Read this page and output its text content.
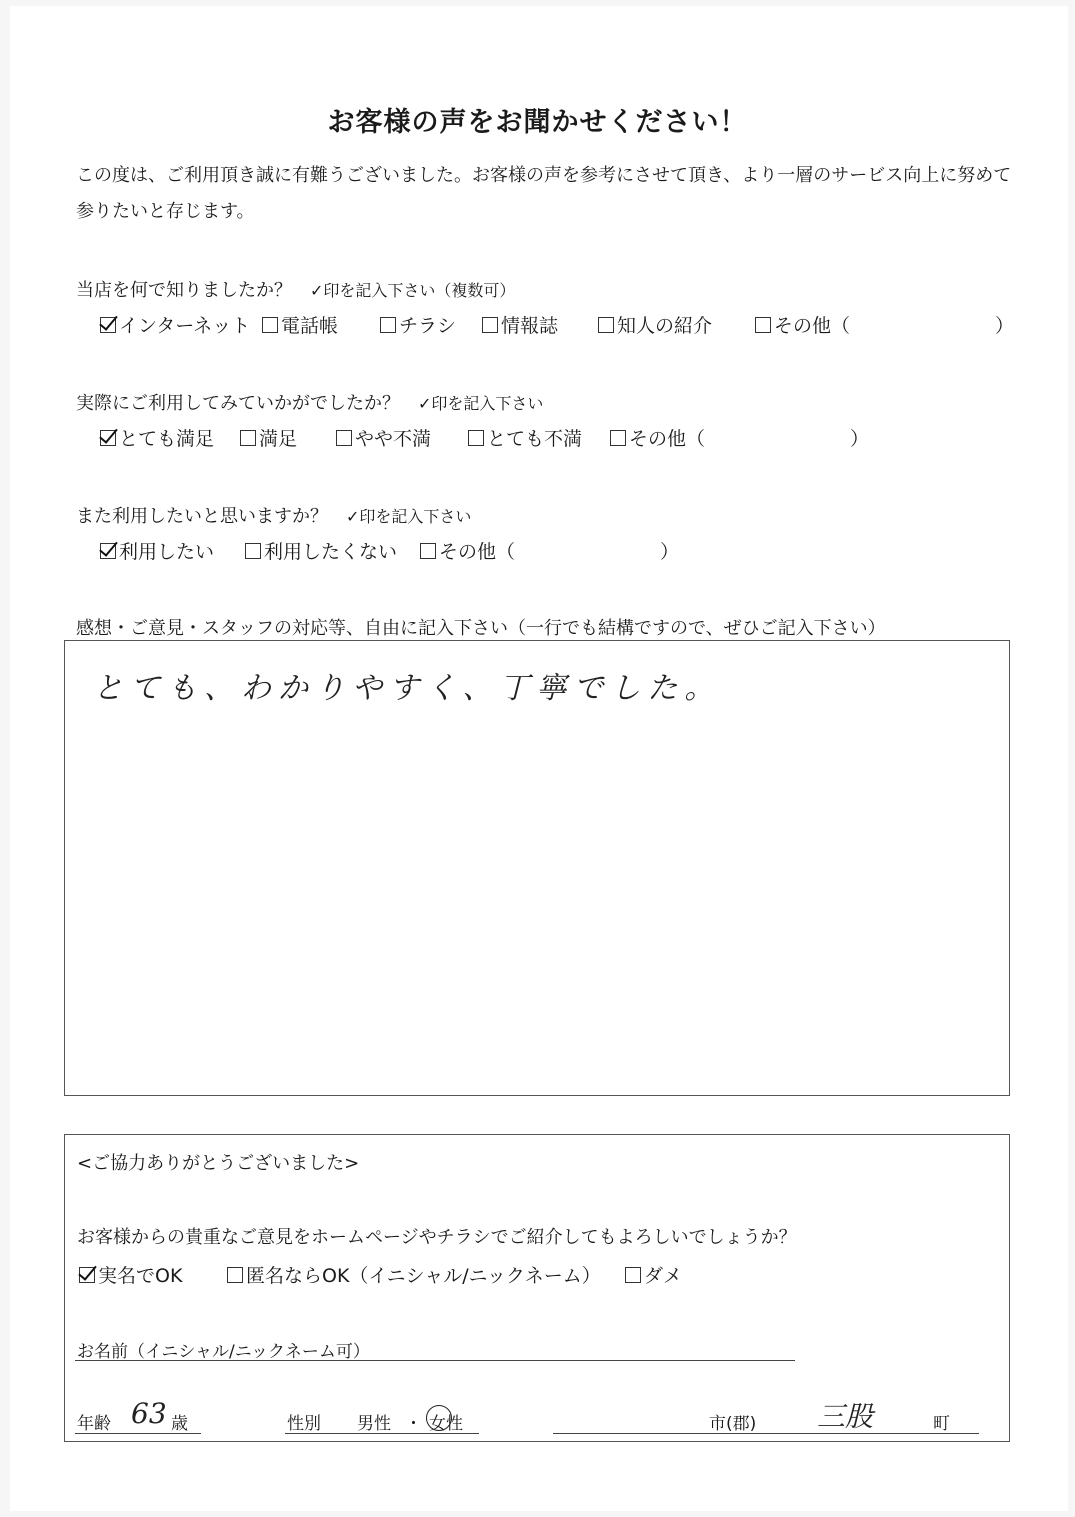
お客様の声をお聞かせください！
この度は、ご利用頂き誠に有難うございました。お客様の声を参考にさせて頂き、より一層のサービス向上に努めて参りたいと存じます。
当店を何で知りましたか？ ✓印を記入下さい（複数可）
インターネット	電話帳	チラシ	情報誌	知人の紹介	その他（	）
実際にご利用してみていかがでしたか？ ✓印を記入下さい
とても満足	満足	やや不満	とても不満	その他（	）
また利用したいと思いますか？ ✓印を記入下さい
利用したい	利用したくない	その他（	）
感想・ご意見・スタッフの対応等、自由に記入下さい（一行でも結構ですので、ぜひご記入下さい）
とても、わかりやすく、丁寧でした。
<ご協力ありがとうございました>
お客様からの貴重なご意見をホームページやチラシでご紹介してもよろしいでしょうか？
実名でOK	匿名ならOK（イニシャル/ニックネーム）	ダメ
お名前（イニシャル/ニックネーム可）
年齢 63 歳	性別 男性 ・ 女性	市(郡) 三股	町
